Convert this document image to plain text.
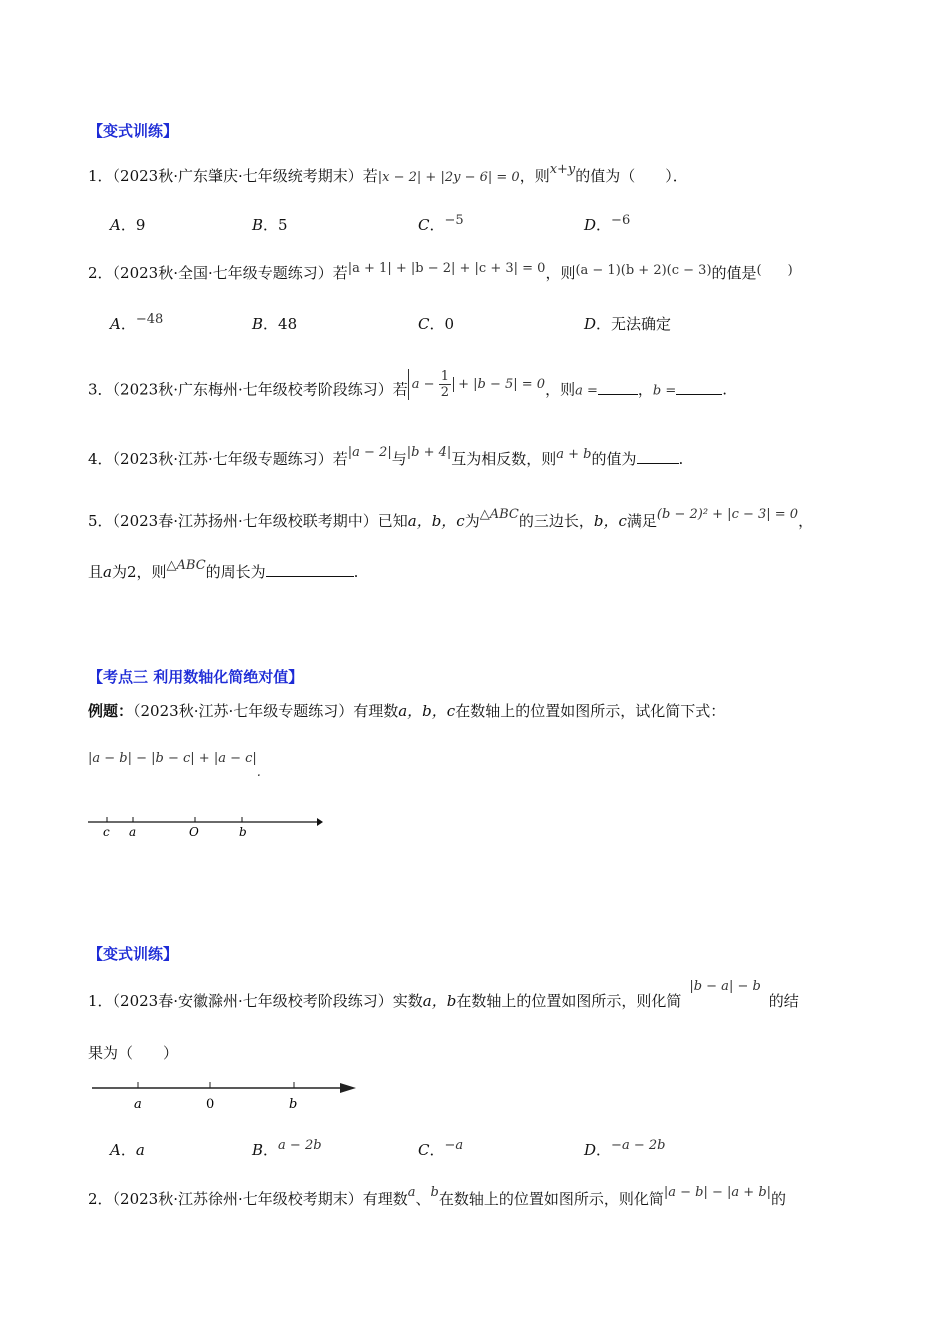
【变式训练】
1．（2023秋·广东肇庆·七年级统考期末）若|x − 2| + |2y − 6| = 0，则x+y的值为（　　）．
A．9	B．5	C．−5	D．−6
2．（2023秋·全国·七年级专题练习）若|a + 1| + |b − 2| + |c + 3| = 0，则(a − 1)(b + 2)(c − 3)的值是(　　)
A．−48	B．48	C．0	D．无法确定
3．（2023秋·广东梅州·七年级校考阶段练习）若 $a - \frac{1}{2} + |b - 5| = 0$，则a =	，b =	.
4．（2023秋·江苏·七年级专题练习）若|a − 2|与|b + 4|互为相反数，则a + b的值为	.
5．（2023春·江苏扬州·七年级校联考期中）已知a，b，c为△ABC的三边长，b，c满足(b − 2)² + |c − 3| = 0，
且a为2，则△ABC的周长为	.
【考点三 利用数轴化简绝对值】
例题：（2023秋·江苏·七年级专题练习）有理数a，b，c在数轴上的位置如图所示，试化简下式：
|a − b| − |b − c| + |a − c|.
c a	O	b
【变式训练】
1．（2023春·安徽滁州·七年级校考阶段练习）实数a，b在数轴上的位置如图所示，则化简|b − a| − b的结
果为（　　）
a	0	b
A．a	B．a − 2b	C．−a	D．−a − 2b
2．（2023秋·江苏徐州·七年级校考期末）有理数a、b在数轴上的位置如图所示，则化简|a − b| − |a + b|的
